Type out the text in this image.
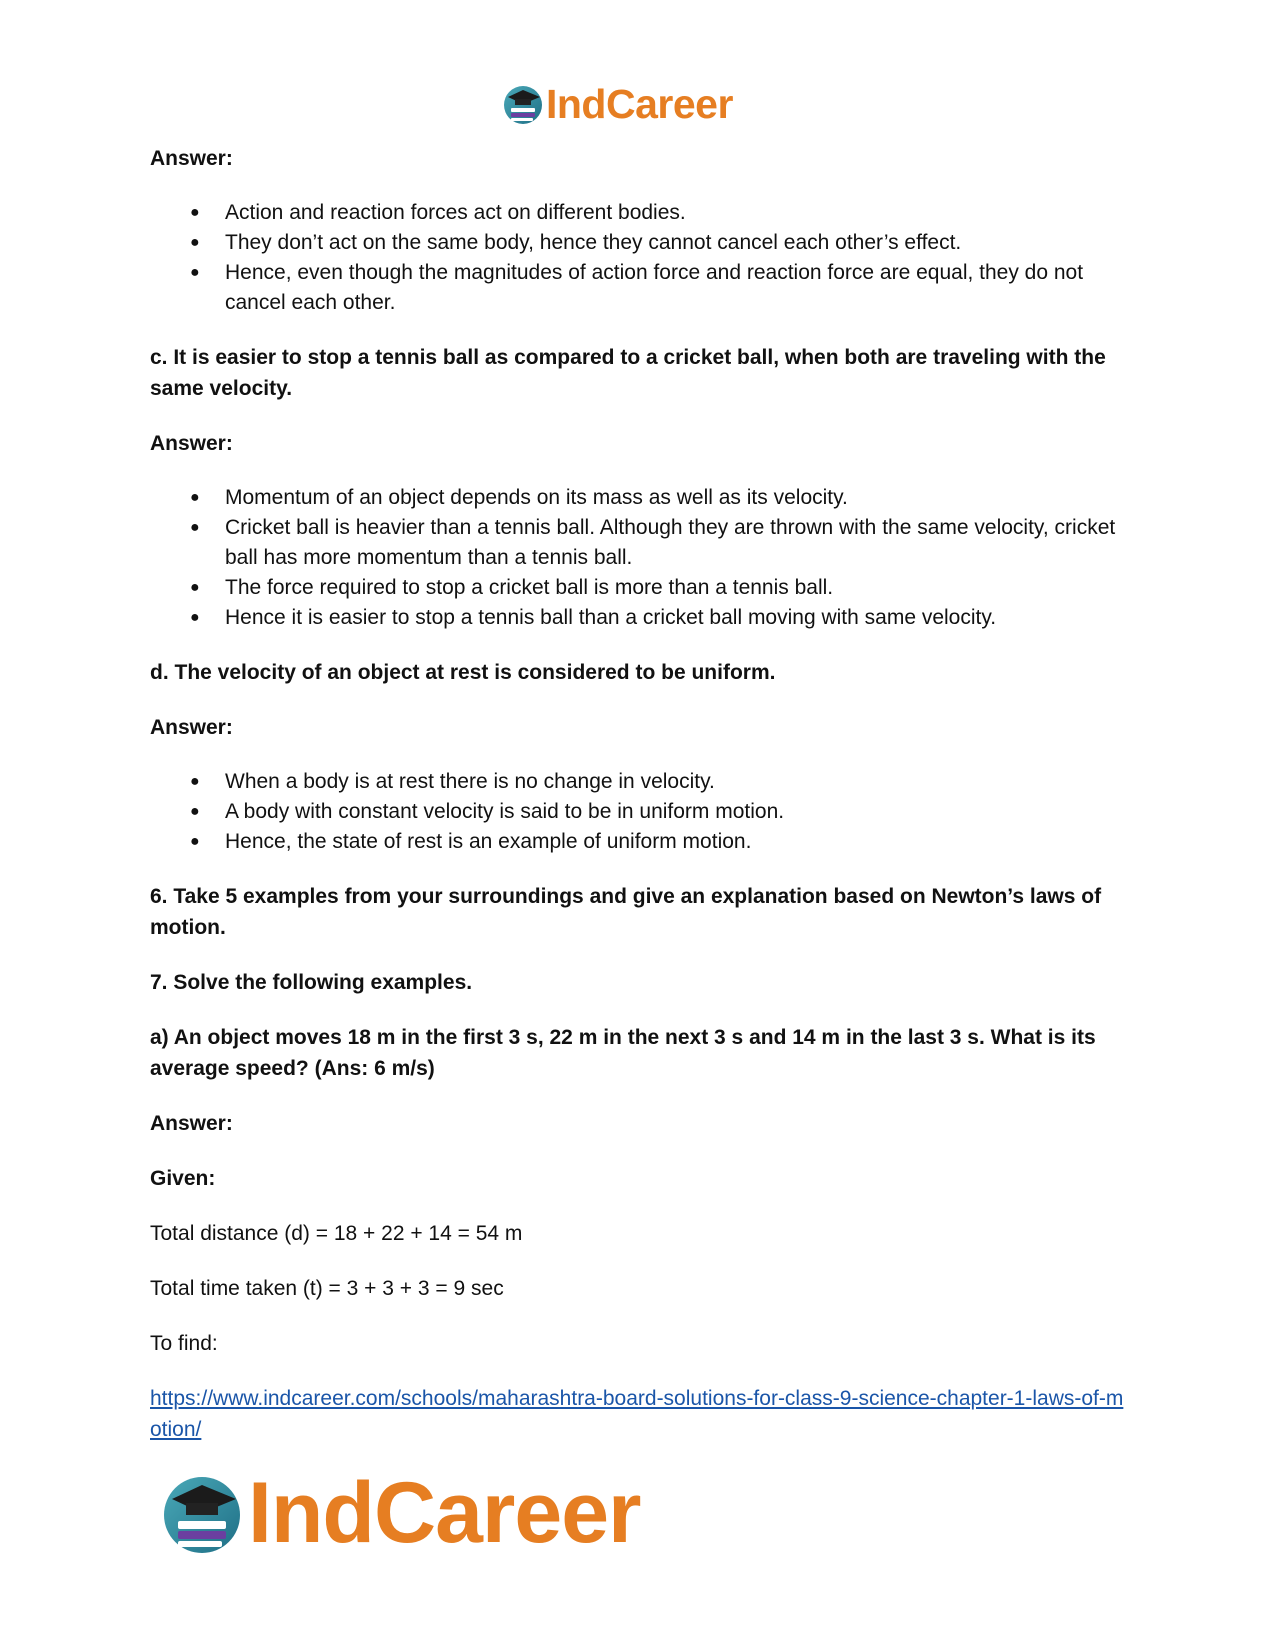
IndCareer
Answer:
● Action and reaction forces act on different bodies.
● They don’t act on the same body, hence they cannot cancel each other’s effect.
● Hence, even though the magnitudes of action force and reaction force are equal, they do not cancel each other.
c. It is easier to stop a tennis ball as compared to a cricket ball, when both are traveling with the same velocity.
Answer:
● Momentum of an object depends on its mass as well as its velocity.
● Cricket ball is heavier than a tennis ball. Although they are thrown with the same velocity, cricket ball has more momentum than a tennis ball.
● The force required to stop a cricket ball is more than a tennis ball.
● Hence it is easier to stop a tennis ball than a cricket ball moving with same velocity.
d. The velocity of an object at rest is considered to be uniform.
Answer:
● When a body is at rest there is no change in velocity.
● A body with constant velocity is said to be in uniform motion.
● Hence, the state of rest is an example of uniform motion.
6. Take 5 examples from your surroundings and give an explanation based on Newton’s laws of motion.
7. Solve the following examples.
a) An object moves 18 m in the first 3 s, 22 m in the next 3 s and 14 m in the last 3 s. What is its average speed? (Ans: 6 m/s)
Answer:
Given:
Total distance (d) = 18 + 22 + 14 = 54 m
Total time taken (t) = 3 + 3 + 3 = 9 sec
To find:
https://www.indcareer.com/schools/maharashtra-board-solutions-for-class-9-science-chapter-1-laws-of-motion/
IndCareer
